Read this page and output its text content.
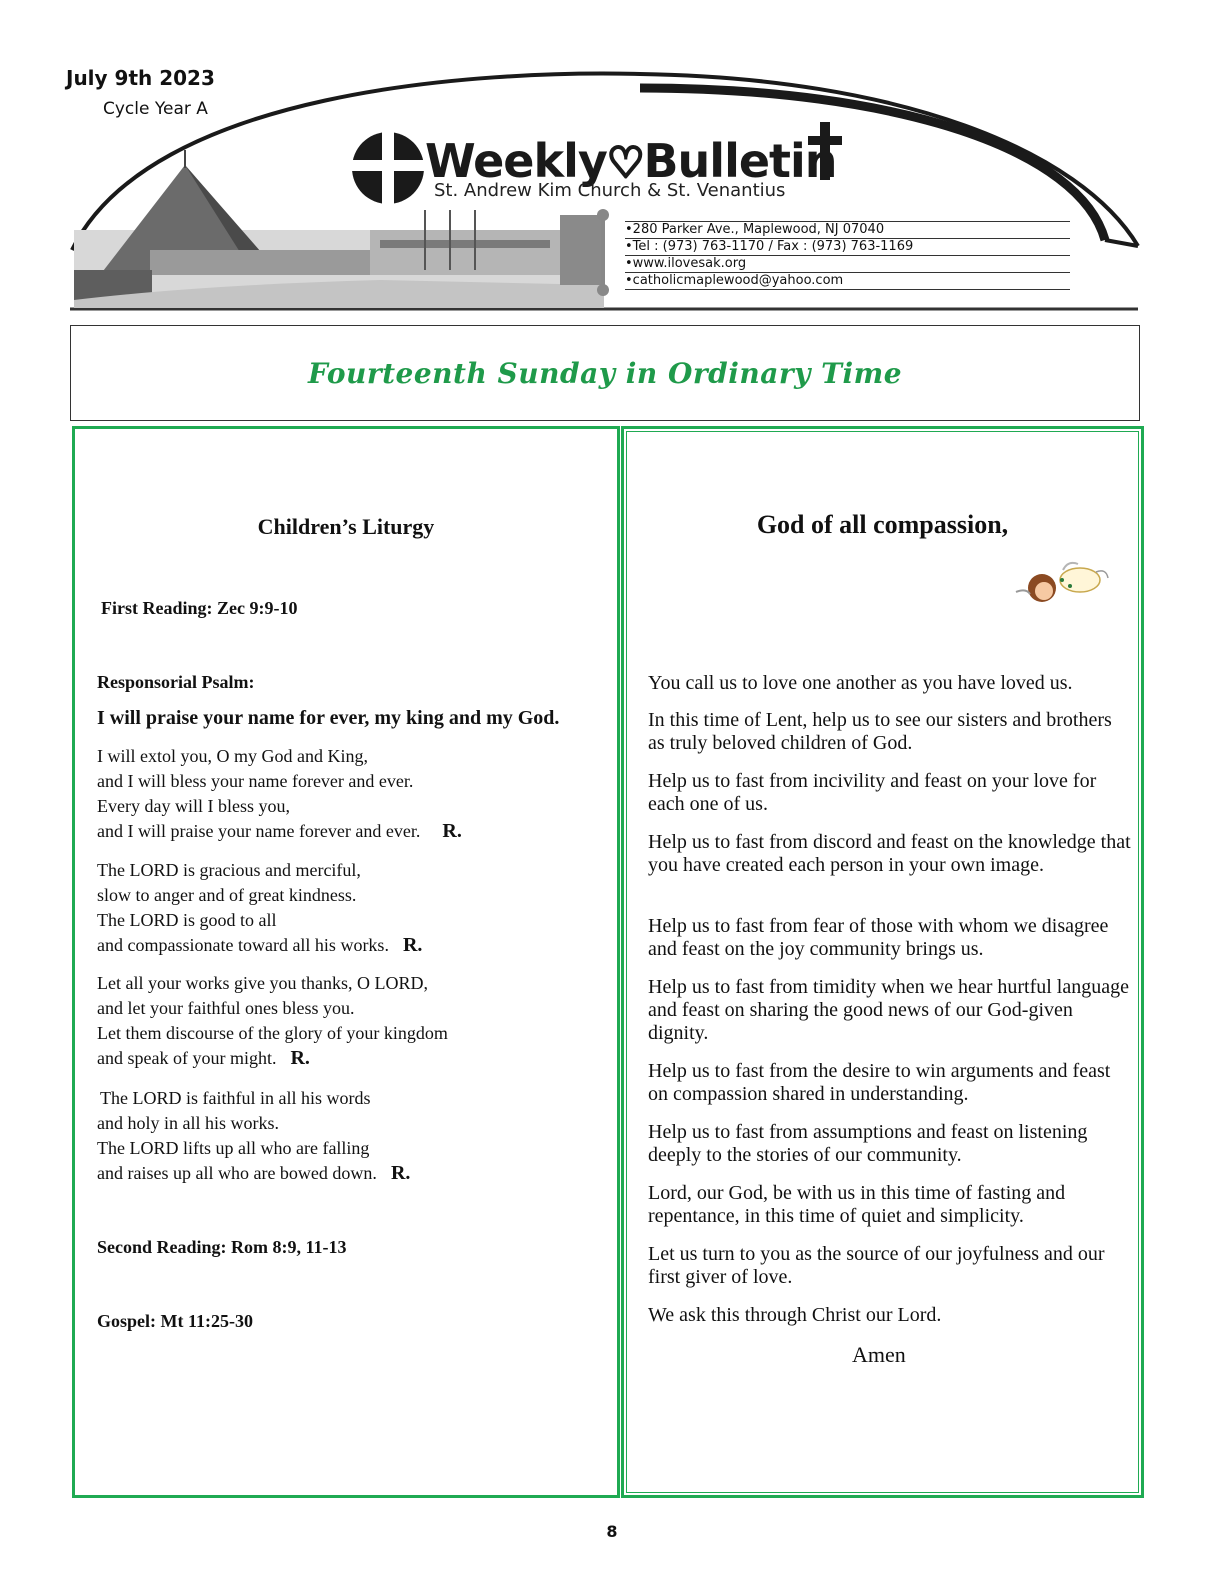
July 9th 2023
Cycle Year A
Weekly♡Bulletin
St. Andrew Kim Church & St. Venantius
•280 Parker Ave., Maplewood, NJ 07040
•Tel : (973) 763-1170 / Fax : (973) 763-1169
•www.ilovesak.org
•catholicmaplewood@yahoo.com
Fourteenth Sunday in Ordinary Time
Children’s Liturgy
First Reading: Zec 9:9-10
Responsorial Psalm:
I will praise your name for ever, my king and my God.
I will extol you, O my God and King,
and I will bless your name forever and ever.
Every day will I bless you,
and I will praise your name forever and ever. R.
The LORD is gracious and merciful,
slow to anger and of great kindness.
The LORD is good to all
and compassionate toward all his works. R.
Let all your works give you thanks, O LORD,
and let your faithful ones bless you.
Let them discourse of the glory of your kingdom
and speak of your might. R.
The LORD is faithful in all his words
and holy in all his works.
The LORD lifts up all who are falling
and raises up all who are bowed down. R.
Second Reading: Rom 8:9, 11-13
Gospel: Mt 11:25-30
God of all compassion,
You call us to love one another as you have loved us.
In this time of Lent, help us to see our sisters and brothers as truly beloved children of God.
Help us to fast from incivility and feast on your love for each one of us.
Help us to fast from discord and feast on the knowledge that you have created each person in your own image.
Help us to fast from fear of those with whom we disagree and feast on the joy community brings us.
Help us to fast from timidity when we hear hurtful language and feast on sharing the good news of our God-given dignity.
Help us to fast from the desire to win arguments and feast on compassion shared in understanding.
Help us to fast from assumptions and feast on listening deeply to the stories of our community.
Lord, our God, be with us in this time of fasting and repentance, in this time of quiet and simplicity.
Let us turn to you as the source of our joyfulness and our first giver of love.
We ask this through Christ our Lord.
Amen
8
